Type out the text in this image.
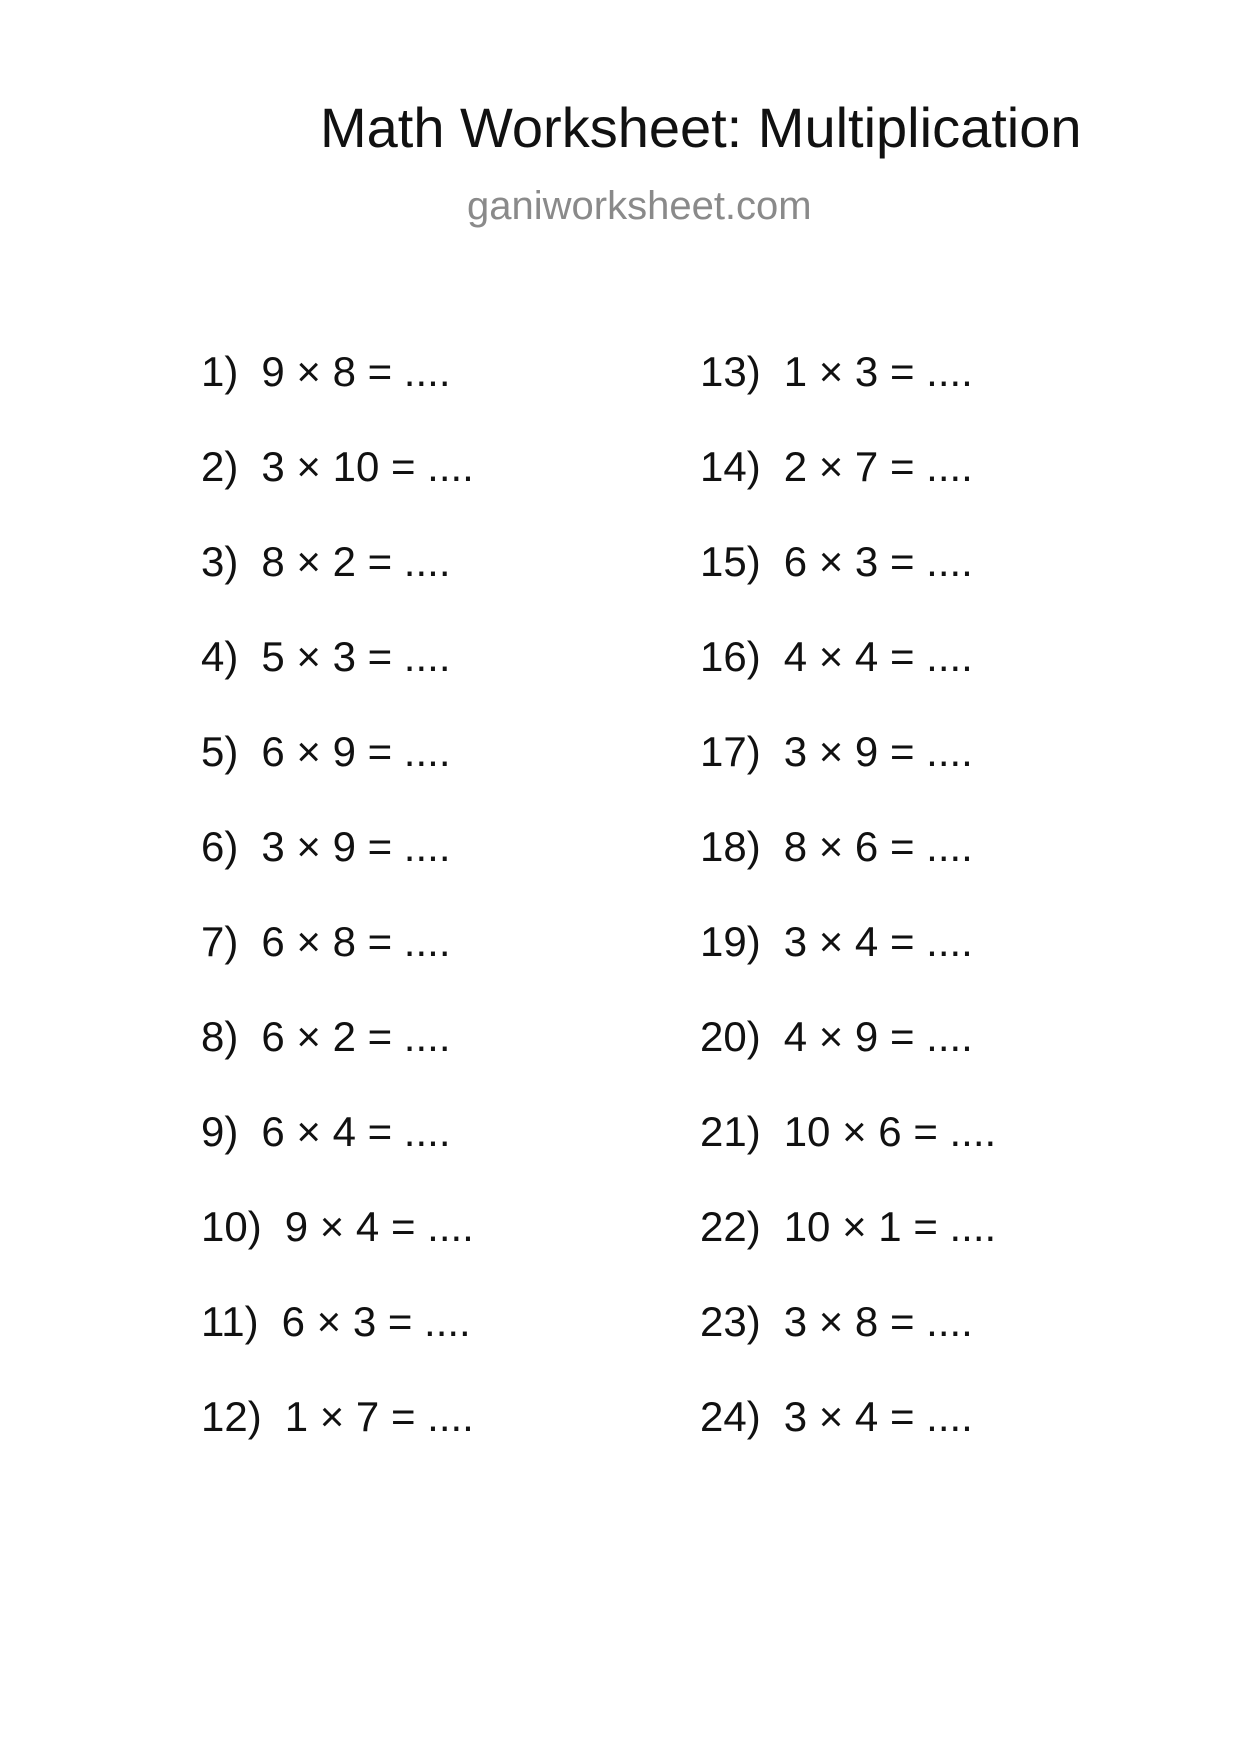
Math Worksheet: Multiplication
ganiworksheet.com
1) 9 × 8 = ....
2) 3 × 10 = ....
3) 8 × 2 = ....
4) 5 × 3 = ....
5) 6 × 9 = ....
6) 3 × 9 = ....
7) 6 × 8 = ....
8) 6 × 2 = ....
9) 6 × 4 = ....
10) 9 × 4 = ....
11) 6 × 3 = ....
12) 1 × 7 = ....
13) 1 × 3 = ....
14) 2 × 7 = ....
15) 6 × 3 = ....
16) 4 × 4 = ....
17) 3 × 9 = ....
18) 8 × 6 = ....
19) 3 × 4 = ....
20) 4 × 9 = ....
21) 10 × 6 = ....
22) 10 × 1 = ....
23) 3 × 8 = ....
24) 3 × 4 = ....
